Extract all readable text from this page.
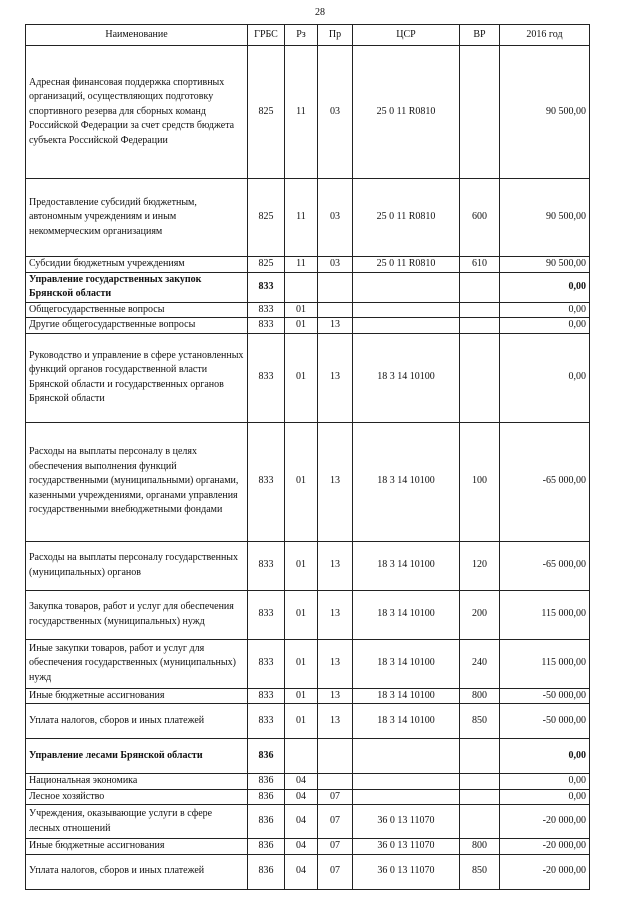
28
Наименование	ГРБС	Рз	Пр	ЦСР	ВР	2016 год
Адресная финансовая поддержка спортивных организаций, осуществляющих подготовку спортивного резерва для сборных команд Российской Федерации за счет средств бюджета субъекта Российской Федерации	825	11	03	25 0 11 R0810		90 500,00
Предоставление субсидий бюджетным, автономным учреждениям и иным некоммерческим организациям	825	11	03	25 0 11 R0810	600	90 500,00
Субсидии бюджетным учреждениям	825	11	03	25 0 11 R0810	610	90 500,00
Управление государственных закупок Брянской области	833					0,00
Общегосударственные вопросы	833	01				0,00
Другие общегосударственные вопросы	833	01	13			0,00
Руководство и управление в сфере установленных функций органов государственной власти Брянской области и государственных органов Брянской области	833	01	13	18 3 14 10100		0,00
Расходы на выплаты персоналу в целях обеспечения выполнения функций государственными (муниципальными) органами, казенными учреждениями, органами управления государственными внебюджетными фондами	833	01	13	18 3 14 10100	100	-65 000,00
Расходы на выплаты персоналу государственных (муниципальных) органов	833	01	13	18 3 14 10100	120	-65 000,00
Закупка товаров, работ и услуг для обеспечения государственных (муниципальных) нужд	833	01	13	18 3 14 10100	200	115 000,00
Иные закупки товаров, работ и услуг для обеспечения государственных (муниципальных) нужд	833	01	13	18 3 14 10100	240	115 000,00
Иные бюджетные ассигнования	833	01	13	18 3 14 10100	800	-50 000,00
Уплата налогов, сборов и иных платежей	833	01	13	18 3 14 10100	850	-50 000,00
Управление лесами Брянской области	836					0,00
Национальная экономика	836	04				0,00
Лесное хозяйство	836	04	07			0,00
Учреждения, оказывающие услуги в сфере лесных отношений	836	04	07	36 0 13 11070		-20 000,00
Иные бюджетные ассигнования	836	04	07	36 0 13 11070	800	-20 000,00
Уплата налогов, сборов и иных платежей	836	04	07	36 0 13 11070	850	-20 000,00
